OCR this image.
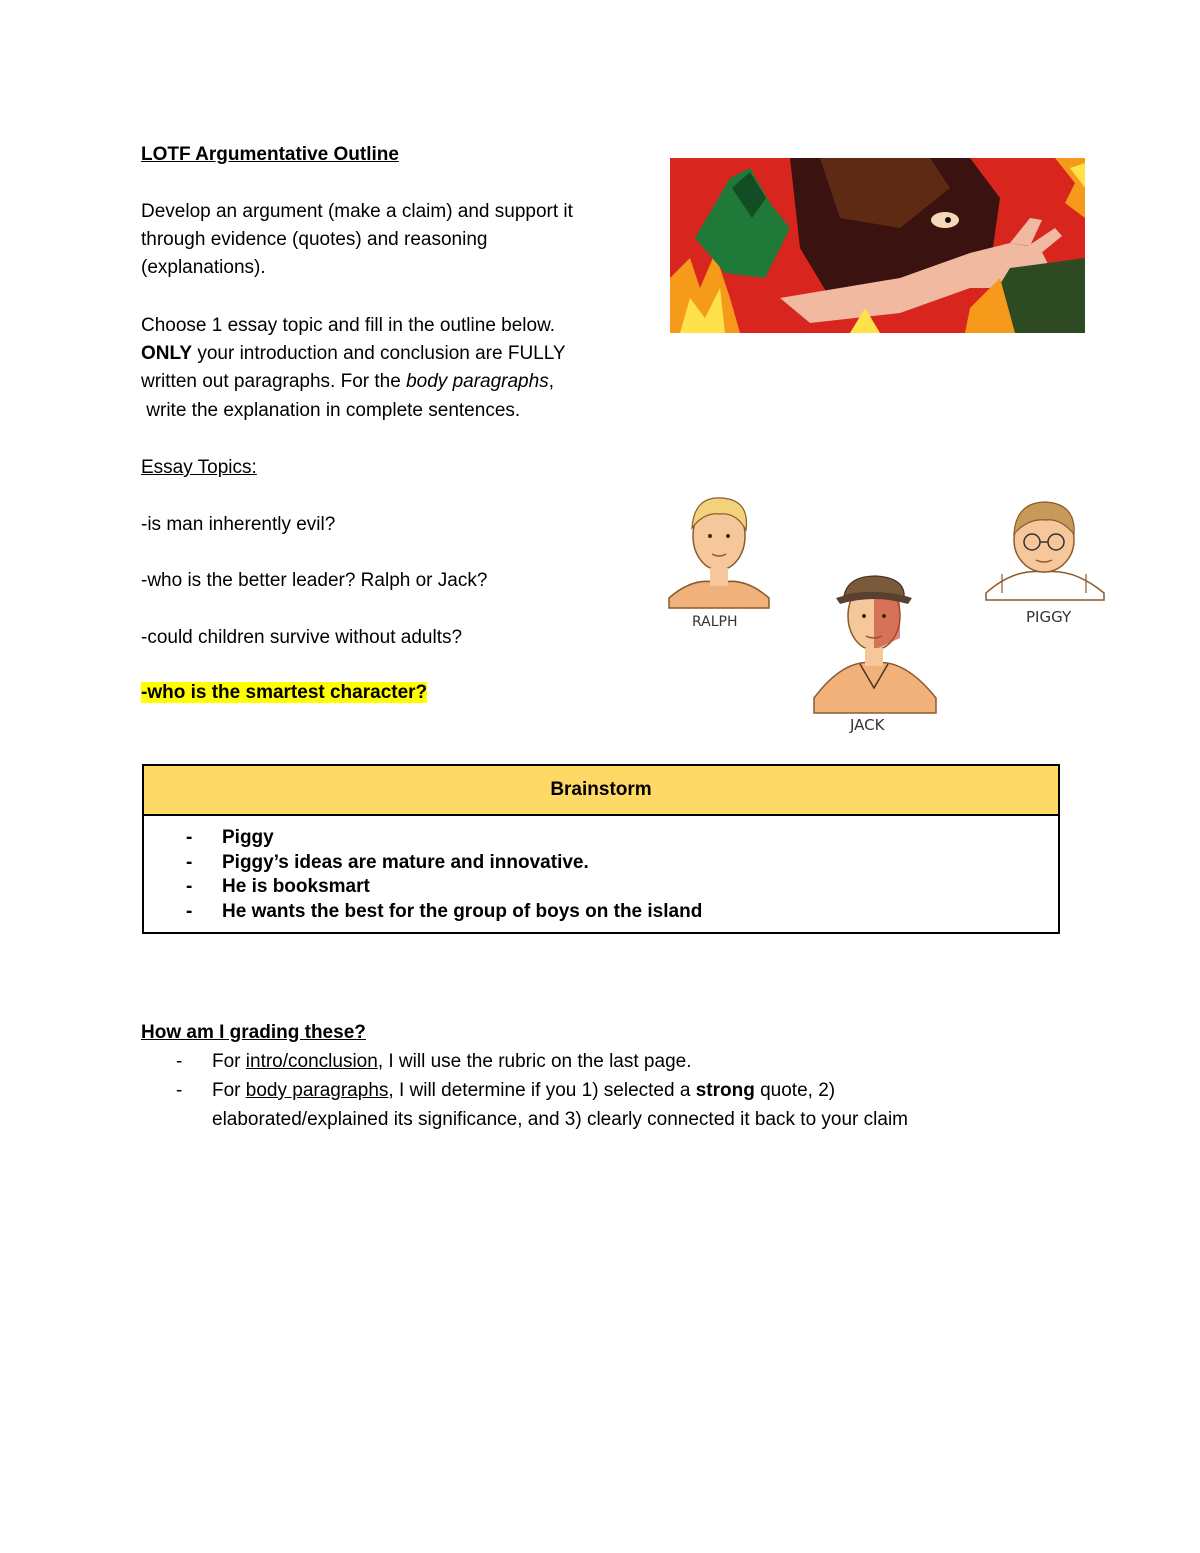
LOTF Argumentative Outline
Develop an argument (make a claim) and support it
through evidence (quotes) and reasoning
(explanations).
Choose 1 essay topic and fill in the outline below.
ONLY your introduction and conclusion are FULLY
written out paragraphs. For the body paragraphs,
write the explanation in complete sentences.
Essay Topics:
-is man inherently evil?
-who is the better leader? Ralph or Jack?
-could children survive without adults?
-who is the smartest character?
RALPH
JACK
PIGGY
Brainstorm
- Piggy
- Piggy’s ideas are mature and innovative.
- He is booksmart
- He wants the best for the group of boys on the island
How am I grading these?
- For intro/conclusion, I will use the rubric on the last page.
- For body paragraphs, I will determine if you 1) selected a strong quote, 2)
elaborated/explained its significance, and 3) clearly connected it back to your claim
